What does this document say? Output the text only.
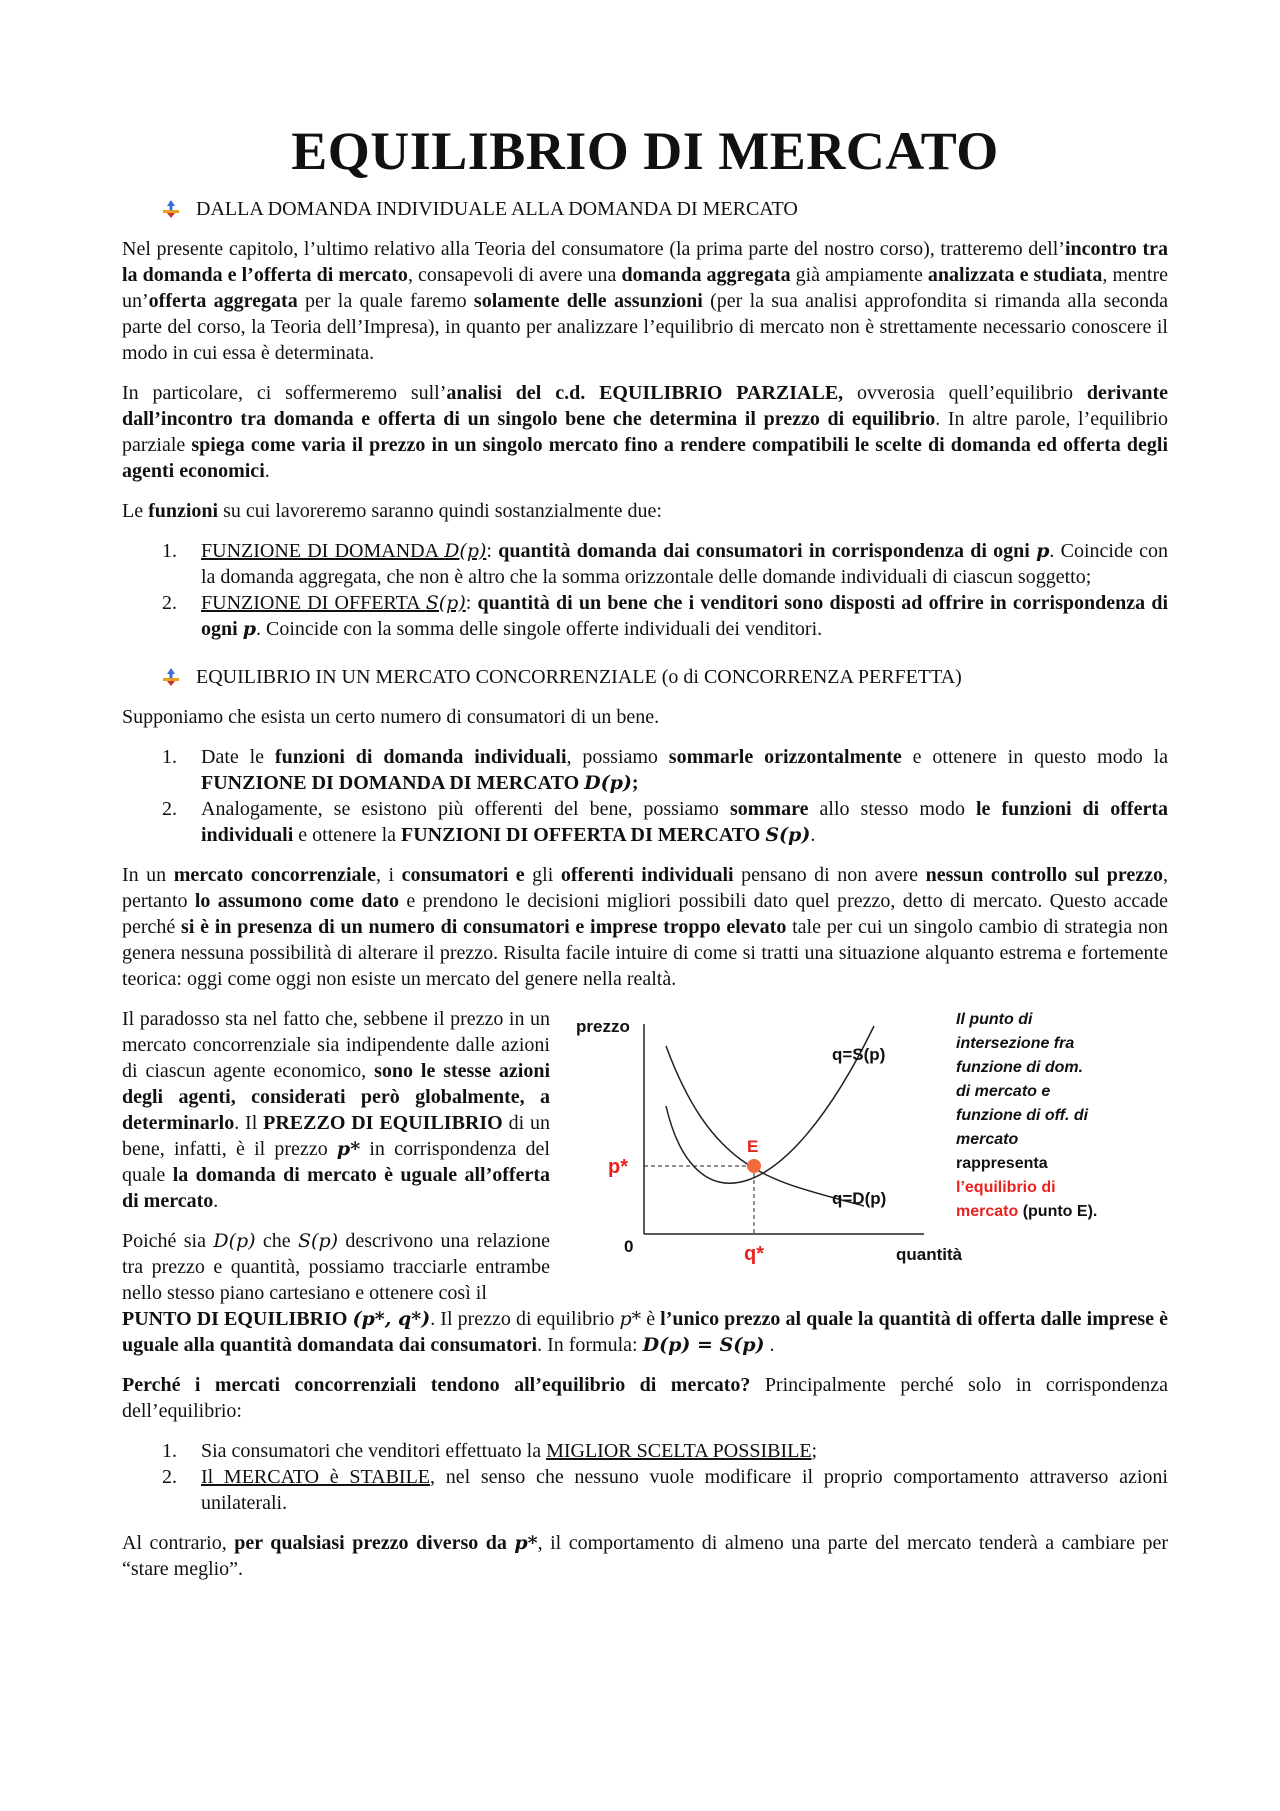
EQUILIBRIO DI MERCATO
DALLA DOMANDA INDIVIDUALE ALLA DOMANDA DI MERCATO

Nel presente capitolo, l’ultimo relativo alla Teoria del consumatore (la prima parte del nostro corso), tratteremo dell’incontro tra la domanda e l’offerta di mercato, consapevoli di avere una domanda aggregata già ampiamente analizzata e studiata, mentre un’offerta aggregata per la quale faremo solamente delle assunzioni (per la sua analisi approfondita si rimanda alla seconda parte del corso, la Teoria dell’Impresa), in quanto per analizzare l’equilibrio di mercato non è strettamente necessario conoscere il modo in cui essa è determinata.

In particolare, ci soffermeremo sull’analisi del c.d. EQUILIBRIO PARZIALE, ovverosia quell’equilibrio derivante dall’incontro tra domanda e offerta di un singolo bene che determina il prezzo di equilibrio. In altre parole, l’equilibrio parziale spiega come varia il prezzo in un singolo mercato fino a rendere compatibili le scelte di domanda ed offerta degli agenti economici.

Le funzioni su cui lavoreremo saranno quindi sostanzialmente due:

1. FUNZIONE DI DOMANDA D(p): quantità domanda dai consumatori in corrispondenza di ogni p. Coincide con la domanda aggregata, che non è altro che la somma orizzontale delle domande individuali di ciascun soggetto;
2. FUNZIONE DI OFFERTA S(p): quantità di un bene che i venditori sono disposti ad offrire in corrispondenza di ogni p. Coincide con la somma delle singole offerte individuali dei venditori.
EQUILIBRIO IN UN MERCATO CONCORRENZIALE (o di CONCORRENZA PERFETTA)

Supponiamo che esista un certo numero di consumatori di un bene.

1. Date le funzioni di domanda individuali, possiamo sommarle orizzontalmente e ottenere in questo modo la FUNZIONE DI DOMANDA DI MERCATO D(p);
2. Analogamente, se esistono più offerenti del bene, possiamo sommare allo stesso modo le funzioni di offerta individuali e ottenere la FUNZIONI DI OFFERTA DI MERCATO S(p).

In un mercato concorrenziale, i consumatori e gli offerenti individuali pensano di non avere nessun controllo sul prezzo, pertanto lo assumono come dato e prendono le decisioni migliori possibili dato quel prezzo, detto di mercato. Questo accade perché si è in presenza di un numero di consumatori e imprese troppo elevato tale per cui un singolo cambio di strategia non genera nessuna possibilità di alterare il prezzo. Risulta facile intuire di come si tratti una situazione alquanto estrema e fortemente teorica: oggi come oggi non esiste un mercato del genere nella realtà.

Il paradosso sta nel fatto che, sebbene il prezzo in un mercato concorrenziale sia indipendente dalle azioni di ciascun agente economico, sono le stesse azioni degli agenti, considerati però globalmente, a determinarlo. Il PREZZO DI EQUILIBRIO di un bene, infatti, è il prezzo p* in corrispondenza del quale la domanda di mercato è uguale all’offerta di mercato.

prezzo
quantità
0
p*
q*
E
q=S(p)
q=D(p)
Il punto di
intersezione fra
funzione di dom.
di mercato e
funzione di off. di
mercato
rappresenta
l’equilibrio di
mercato (punto E).

Poiché sia D(p) che S(p) descrivono una relazione tra prezzo e quantità, possiamo tracciarle entrambe nello stesso piano cartesiano e ottenere così il

PUNTO DI EQUILIBRIO (p*, q*). Il prezzo di equilibrio p* è l’unico prezzo al quale la quantità di offerta dalle imprese è uguale alla quantità domandata dai consumatori. In formula: D(p) = S(p) .

Perché i mercati concorrenziali tendono all’equilibrio di mercato? Principalmente perché solo in corrispondenza dell’equilibrio:

1. Sia consumatori che venditori effettuato la MIGLIOR SCELTA POSSIBILE;
2. Il MERCATO è STABILE, nel senso che nessuno vuole modificare il proprio comportamento attraverso azioni unilaterali.

Al contrario, per qualsiasi prezzo diverso da p*, il comportamento di almeno una parte del mercato tenderà a cambiare per “stare meglio”.
